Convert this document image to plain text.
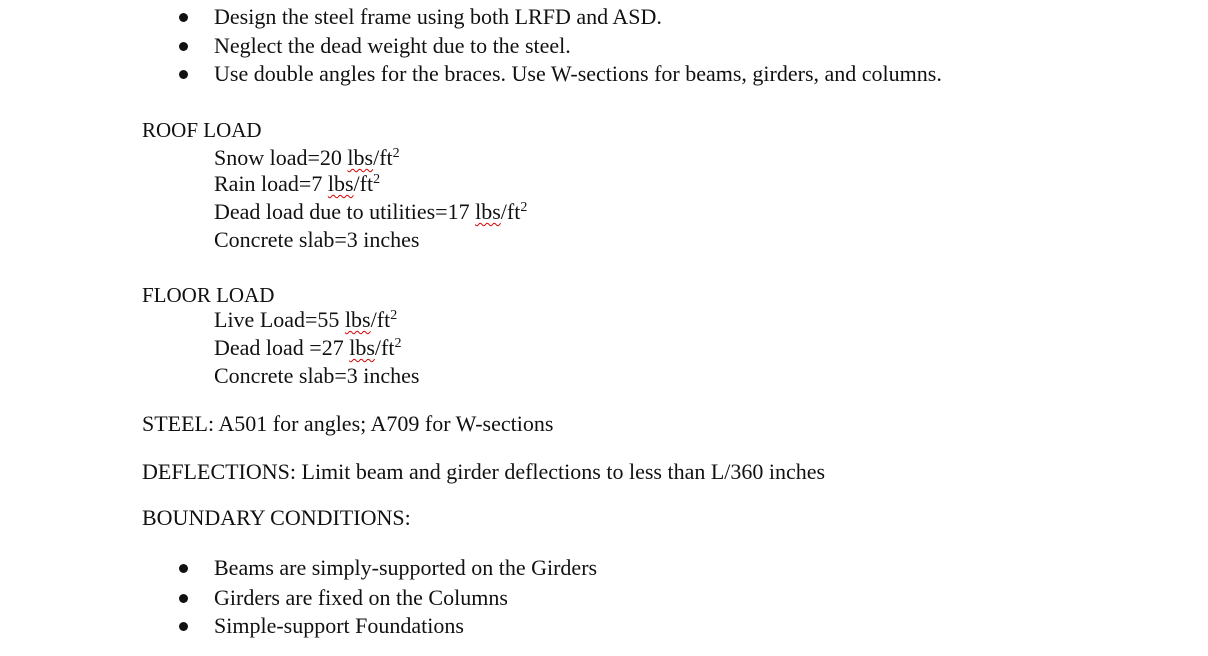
Design the steel frame using both LRFD and ASD.
Neglect the dead weight due to the steel.
Use double angles for the braces. Use W-sections for beams, girders, and columns.
ROOF LOAD
Snow load=20 lbs/$ft^2$
Rain load=7 lbs/$ft^2$
Dead load due to utilities=17 lbs/$ft^2$
Concrete slab=3 inches
FLOOR LOAD
Live Load=55 lbs/$ft^2$
Dead load =27 lbs/$ft^2$
Concrete slab=3 inches
STEEL: A501 for angles; A709 for W-sections
DEFLECTIONS: Limit beam and girder deflections to less than L/360 inches
BOUNDARY CONDITIONS:
Beams are simply-supported on the Girders
Girders are fixed on the Columns
Simple-support Foundations
